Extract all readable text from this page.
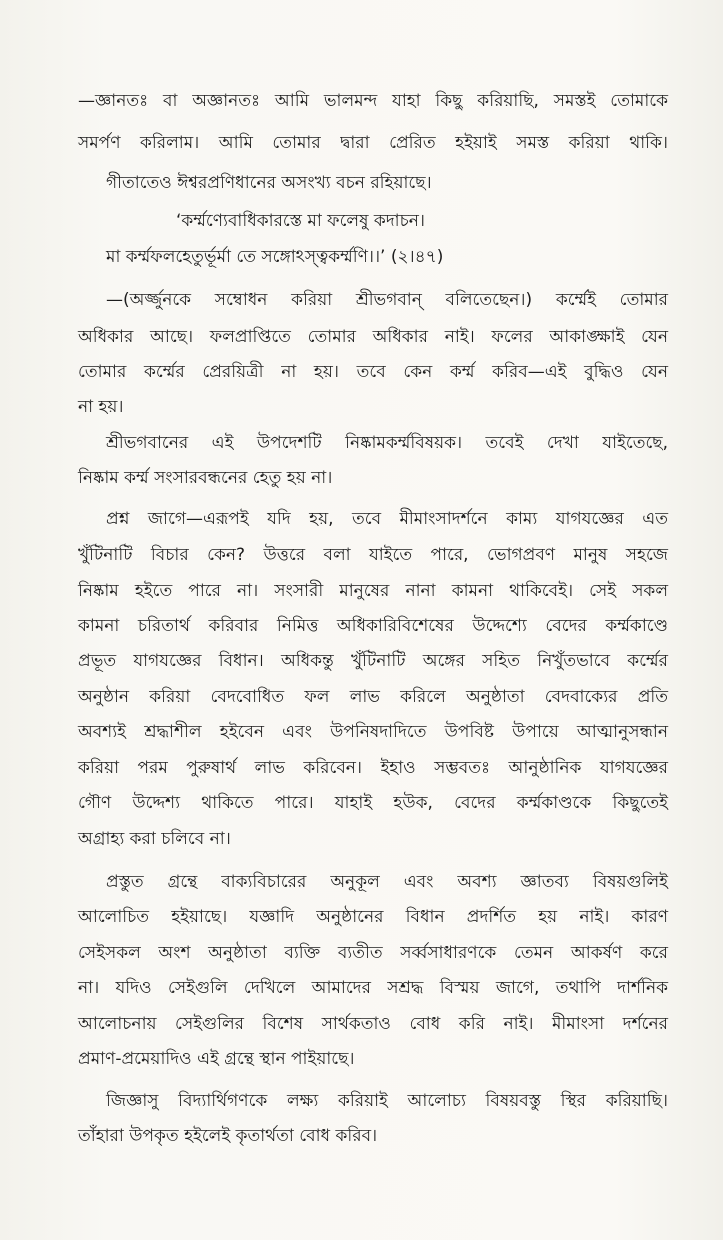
—জ্ঞানতঃ বা অজ্ঞানতঃ আমি ভালমন্দ যাহা কিছু করিয়াছি, সমস্তই তোমাকে
সমর্পণ করিলাম। আমি তোমার দ্বারা প্রেরিত হইয়াই সমস্ত করিয়া থাকি।
গীতাতেও ঈশ্বরপ্রণিধানের অসংখ্য বচন রহিয়াছে।
‘কর্ম্মণ্যেবাধিকারস্তে মা ফলেষু কদাচন।
মা কর্ম্মফলহেতুর্ভূর্মা তে সঙ্গোঽস্ত্বকর্ম্মণি।।’ (২।৪৭)
—(অর্জ্জুনকে সম্বোধন করিয়া শ্রীভগবান্ বলিতেছেন।) কর্ম্মেই তোমার
অধিকার আছে। ফলপ্রাপ্তিতে তোমার অধিকার নাই। ফলের আকাঙ্ক্ষাই যেন
তোমার কর্ম্মের প্রেরয়িত্রী না হয়। তবে কেন কর্ম্ম করিব—এই বুদ্ধিও যেন
না হয়।
শ্রীভগবানের এই উপদেশটি নিষ্কামকর্ম্মবিষয়ক। তবেই দেখা যাইতেছে,
নিষ্কাম কর্ম্ম সংসারবন্ধনের হেতু হয় না।
প্রশ্ন জাগে—এরূপই যদি হয়, তবে মীমাংসাদর্শনে কাম্য যাগযজ্ঞের এত
খুঁটিনাটি বিচার কেন? উত্তরে বলা যাইতে পারে, ভোগপ্রবণ মানুষ সহজে
নিষ্কাম হইতে পারে না। সংসারী মানুষের নানা কামনা থাকিবেই। সেই সকল
কামনা চরিতার্থ করিবার নিমিত্ত অধিকারিবিশেষের উদ্দেশ্যে বেদের কর্ম্মকাণ্ডে
প্রভূত যাগযজ্ঞের বিধান। অধিকন্তু খুঁটিনাটি অঙ্গের সহিত নিখুঁতভাবে কর্ম্মের
অনুষ্ঠান করিয়া বেদবোধিত ফল লাভ করিলে অনুষ্ঠাতা বেদবাক্যের প্রতি
অবশ্যই শ্রদ্ধাশীল হইবেন এবং উপনিষদাদিতে উপবিষ্ট উপায়ে আত্মানুসন্ধান
করিয়া পরম পুরুষার্থ লাভ করিবেন। ইহাও সম্ভবতঃ আনুষ্ঠানিক যাগযজ্ঞের
গৌণ উদ্দেশ্য থাকিতে পারে। যাহাই হউক, বেদের কর্ম্মকাণ্ডকে কিছুতেই
অগ্রাহ্য করা চলিবে না।
প্রস্তুত গ্রন্থে বাক্যবিচারের অনুকূল এবং অবশ্য জ্ঞাতব্য বিষয়গুলিই
আলোচিত হইয়াছে। যজ্ঞাদি অনুষ্ঠানের বিধান প্রদর্শিত হয় নাই। কারণ
সেইসকল অংশ অনুষ্ঠাতা ব্যক্তি ব্যতীত সর্ব্বসাধারণকে তেমন আকর্ষণ করে
না। যদিও সেইগুলি দেখিলে আমাদের সশ্রদ্ধ বিস্ময় জাগে, তথাপি দার্শনিক
আলোচনায় সেইগুলির বিশেষ সার্থকতাও বোধ করি নাই। মীমাংসা দর্শনের
প্রমাণ-প্রমেয়াদিও এই গ্রন্থে স্থান পাইয়াছে।
জিজ্ঞাসু বিদ্যার্থিগণকে লক্ষ্য করিয়াই আলোচ্য বিষয়বস্তু স্থির করিয়াছি।
তাঁহারা উপকৃত হইলেই কৃতার্থতা বোধ করিব।
